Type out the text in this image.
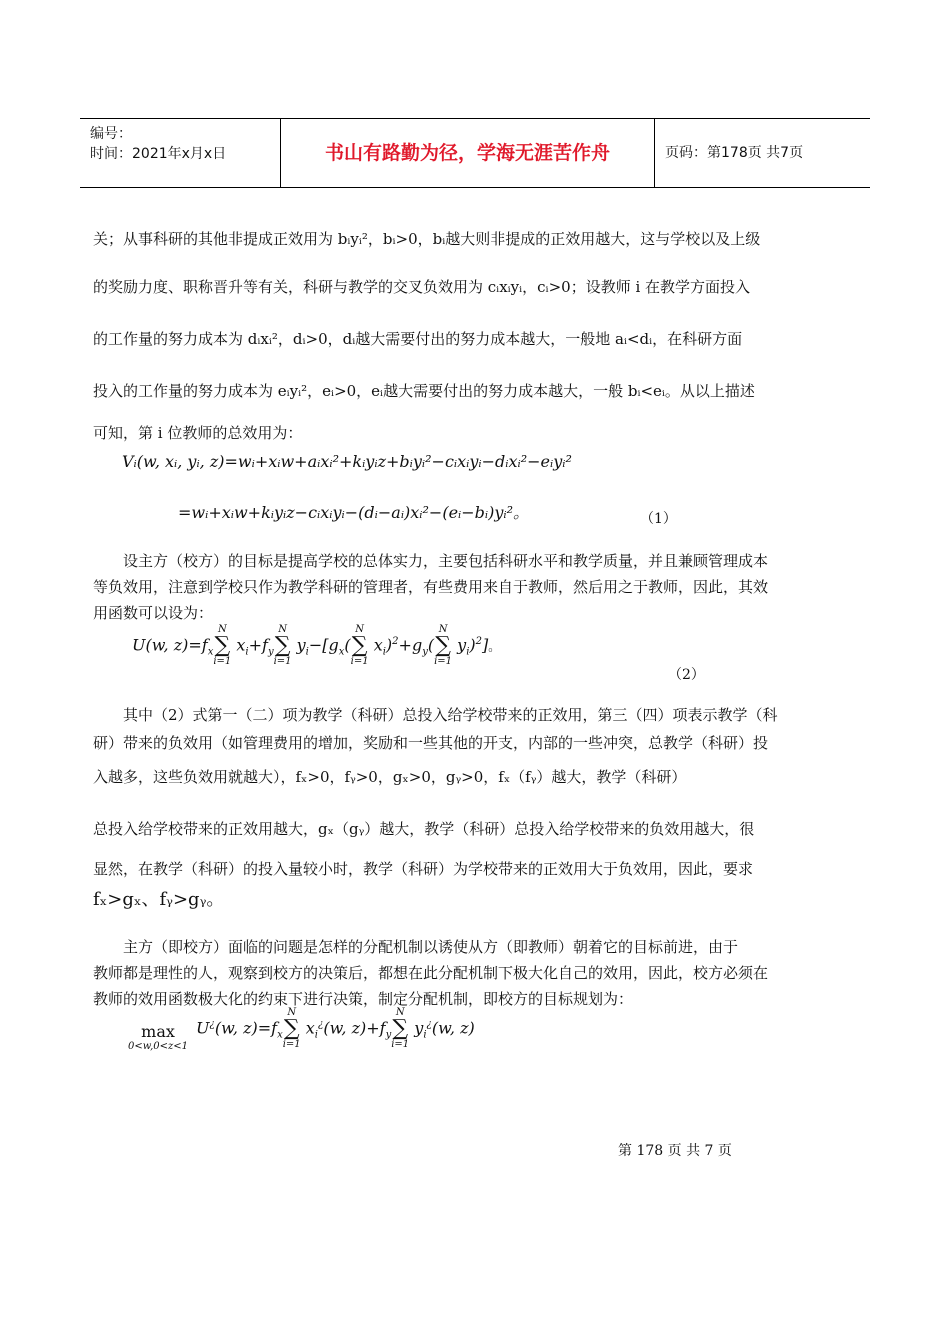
编号：
时间：2021年x月x日	书山有路勤为径，学海无涯苦作舟	页码：第178页 共7页
关；从事科研的其他非提成正效用为 bᵢyᵢ²，bᵢ>0，bᵢ越大则非提成的正效用越大，这与学校以及上级
的奖励力度、职称晋升等有关，科研与教学的交叉负效用为 cᵢxᵢyᵢ，cᵢ>0；设教师 i 在教学方面投入
的工作量的努力成本为 dᵢxᵢ²，dᵢ>0，dᵢ越大需要付出的努力成本越大，一般地 aᵢ<dᵢ，在科研方面
投入的工作量的努力成本为 eᵢyᵢ²，eᵢ>0，eᵢ越大需要付出的努力成本越大，一般 bᵢ<eᵢ。从以上描述
可知，第 i 位教师的总效用为：
Vᵢ(w, xᵢ, yᵢ, z)=wᵢ+xᵢw+aᵢxᵢ²+kᵢyᵢz+bᵢyᵢ²−cᵢxᵢyᵢ−dᵢxᵢ²−eᵢyᵢ²
=wᵢ+xᵢw+kᵢyᵢz−cᵢxᵢyᵢ−(dᵢ−aᵢ)xᵢ²−(eᵢ−bᵢ)yᵢ²。	（1）
设主方（校方）的目标是提高学校的总体实力，主要包括科研水平和教学质量，并且兼顾管理成本
等负效用，注意到学校只作为教学科研的管理者，有些费用来自于教师，然后用之于教师，因此，其效
用函数可以设为：
U(w, $z)=f_x$
N
∑
i=1
$x_i+f_y$
N
∑
i=1
$y_i-[g_x$(
N
∑
i=1
$x_i)^2+g_y$(
N
∑
i=1
$y_i)^2$]。
（2）
其中（2）式第一（二）项为教学（科研）总投入给学校带来的正效用，第三（四）项表示教学（科
研）带来的负效用（如管理费用的增加，奖励和一些其他的开支，内部的一些冲突，总教学（科研）投
入越多，这些负效用就越大），fₓ>0，fᵧ>0，gₓ>0，gᵧ>0，fₓ（fᵧ）越大，教学（科研）
总投入给学校带来的正效用越大，gₓ（gᵧ）越大，教学（科研）总投入给学校带来的负效用越大，很
显然，在教学（科研）的投入量较小时，教学（科研）为学校带来的正效用大于负效用，因此，要求
fₓ>gₓ、fᵧ>gᵧ。
主方（即校方）面临的问题是怎样的分配机制以诱使从方（即教师）朝着它的目标前进，由于
教师都是理性的人，观察到校方的决策后，都想在此分配机制下极大化自己的效用，因此，校方必须在
教师的效用函数极大化的约束下进行决策，制定分配机制，即校方的目标规划为：
max
0<w,0<z<1
U¿(w, $z)=f_x$
N
∑
i=1
$x_i^¿(w$, $z)+f_y$
N
∑
i=1
$y_i^¿(w$, z)
第 178 页 共 7 页
